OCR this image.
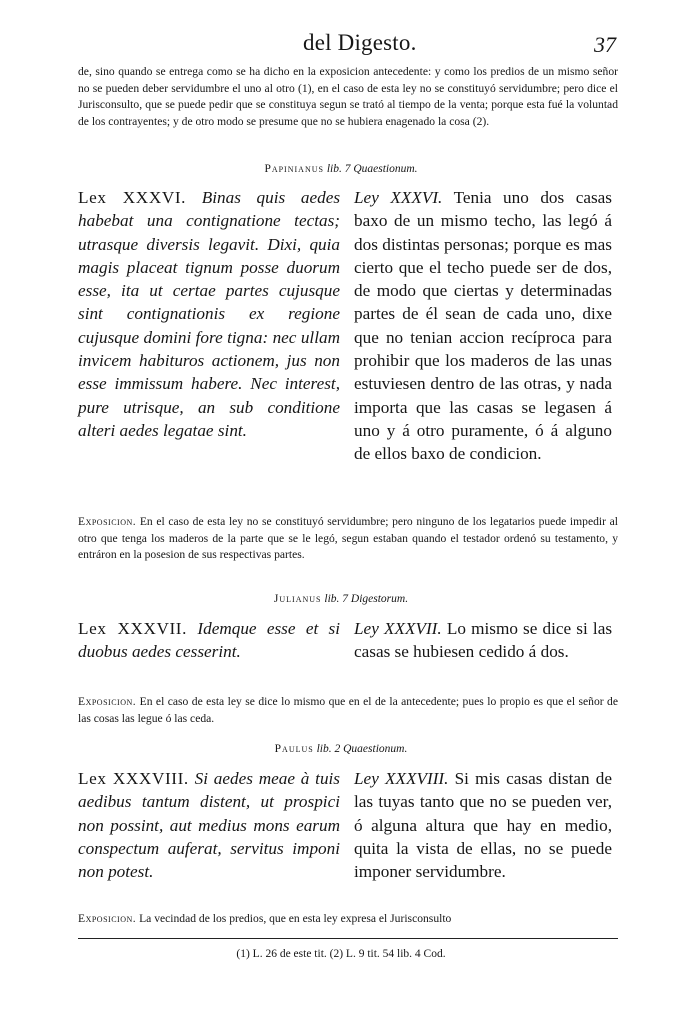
del Digesto.	37

de, sino quando se entrega como se ha dicho en la exposicion antecedente: y como los predios de un mismo señor no se pueden deber servidumbre el uno al otro (1), en el caso de esta ley no se constituyó servidumbre; pero dice el Jurisconsulto, que se puede pedir que se constituya segun se trató al tiempo de la venta; porque esta fué la voluntad de los contrayentes; y de otro modo se presume que no se hubiera enagenado la cosa (2).

Papinianus lib. 7 Quaestionum.

Lex XXXVI. Binas quis aedes habebat una contignatione tectas; utrasque diversis legavit. Dixi, quia magis placeat tignum posse duorum esse, ita ut certae partes cujusque sint contignationis ex regione cujusque domini fore tigna: nec ullam invicem habituros actionem, jus non esse immissum habere. Nec interest, pure utrisque, an sub conditione alteri aedes legatae sint.

Ley XXXVI. Tenia uno dos casas baxo de un mismo techo, las legó á dos distintas personas; porque es mas cierto que el techo puede ser de dos, de modo que ciertas y determinadas partes de él sean de cada uno, dixe que no tenian accion recíproca para prohibir que los maderos de las unas estuviesen dentro de las otras, y nada importa que las casas se legasen á uno y á otro puramente, ó á alguno de ellos baxo de condicion.

Exposicion. En el caso de esta ley no se constituyó servidumbre; pero ninguno de los legatarios puede impedir al otro que tenga los maderos de la parte que se le legó, segun estaban quando el testador ordenó su testamento, y entráron en la posesion de sus respectivas partes.

Julianus lib. 7 Digestorum.

Lex XXXVII. Idemque esse et si duobus aedes cesserint.

Ley XXXVII. Lo mismo se dice si las casas se hubiesen cedido á dos.

Exposicion. En el caso de esta ley se dice lo mismo que en el de la antecedente; pues lo propio es que el señor de las cosas las legue ó las ceda.

Paulus lib. 2 Quaestionum.

Lex XXXVIII. Si aedes meae à tuis aedibus tantum distent, ut prospici non possint, aut medius mons earum conspectum auferat, servitus imponi non potest.

Ley XXXVIII. Si mis casas distan de las tuyas tanto que no se pueden ver, ó alguna altura que hay en medio, quita la vista de ellas, no se puede imponer servidumbre.

Exposicion. La vecindad de los predios, que en esta ley expresa el Jurisconsulto

(1) L. 26 de este tit. (2) L. 9 tit. 54 lib. 4 Cod.
